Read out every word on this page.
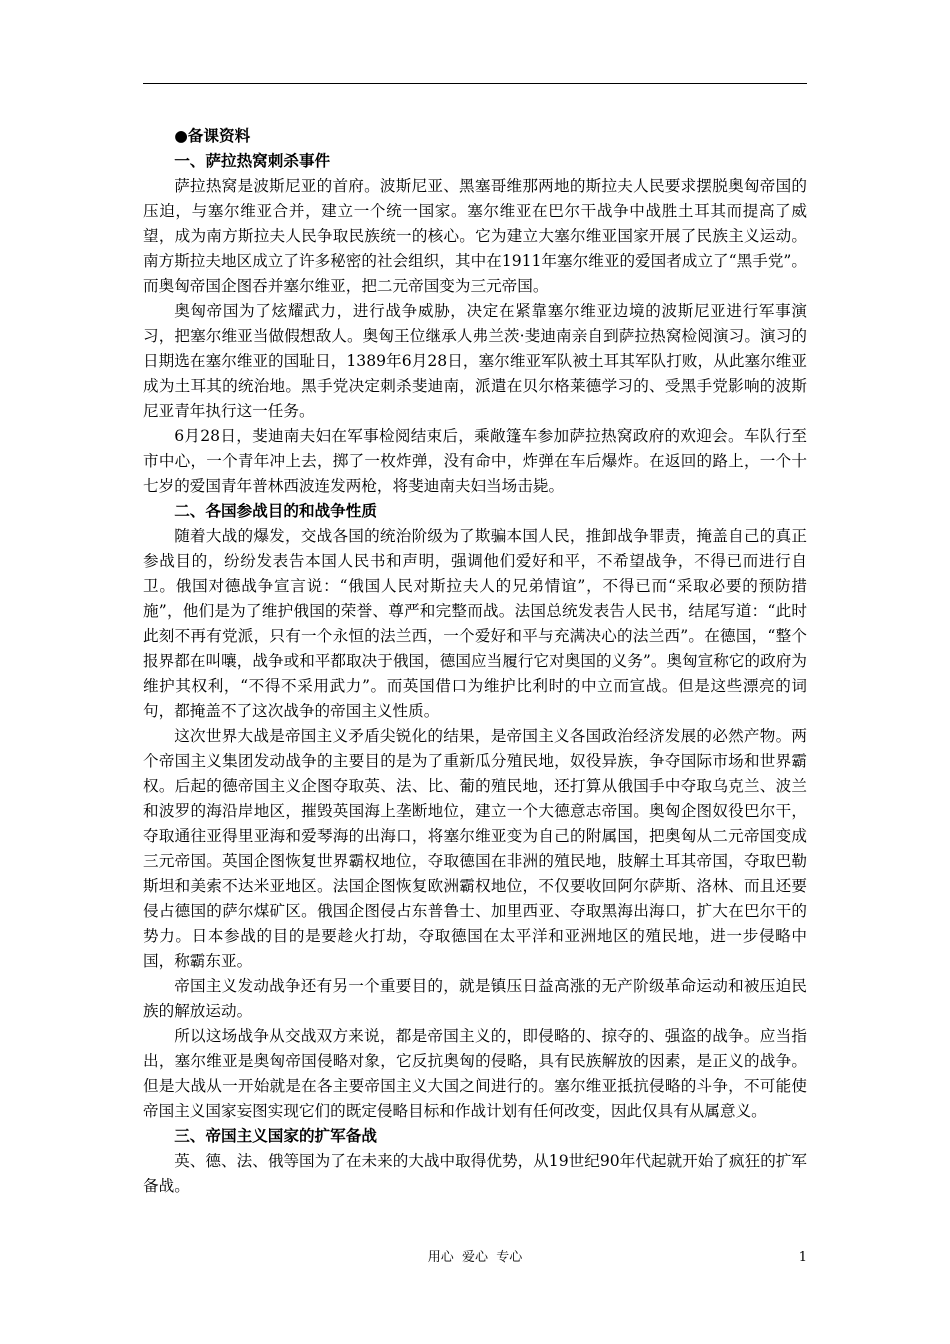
●备课资料
一、萨拉热窝刺杀事件

萨拉热窝是波斯尼亚的首府。波斯尼亚、黑塞哥维那两地的斯拉夫人民要求摆脱奥匈帝国的压迫，与塞尔维亚合并，建立一个统一国家。塞尔维亚在巴尔干战争中战胜土耳其而提高了威望，成为南方斯拉夫人民争取民族统一的核心。它为建立大塞尔维亚国家开展了民族主义运动。南方斯拉夫地区成立了许多秘密的社会组织，其中在1911年塞尔维亚的爱国者成立了“黑手党”。而奥匈帝国企图吞并塞尔维亚，把二元帝国变为三元帝国。

奥匈帝国为了炫耀武力，进行战争威胁，决定在紧靠塞尔维亚边境的波斯尼亚进行军事演习，把塞尔维亚当做假想敌人。奥匈王位继承人弗兰茨·斐迪南亲自到萨拉热窝检阅演习。演习的日期选在塞尔维亚的国耻日，1389年6月28日，塞尔维亚军队被土耳其军队打败，从此塞尔维亚成为土耳其的统治地。黑手党决定刺杀斐迪南，派遣在贝尔格莱德学习的、受黑手党影响的波斯尼亚青年执行这一任务。

6月28日，斐迪南夫妇在军事检阅结束后，乘敞篷车参加萨拉热窝政府的欢迎会。车队行至市中心，一个青年冲上去，掷了一枚炸弹，没有命中，炸弹在车后爆炸。在返回的路上，一个十七岁的爱国青年普林西波连发两枪，将斐迪南夫妇当场击毙。

二、各国参战目的和战争性质

随着大战的爆发，交战各国的统治阶级为了欺骗本国人民，推卸战争罪责，掩盖自己的真正参战目的，纷纷发表告本国人民书和声明，强调他们爱好和平，不希望战争，不得已而进行自卫。俄国对德战争宣言说：“俄国人民对斯拉夫人的兄弟情谊”，不得已而“采取必要的预防措施”，他们是为了维护俄国的荣誉、尊严和完整而战。法国总统发表告人民书，结尾写道：“此时此刻不再有党派，只有一个永恒的法兰西，一个爱好和平与充满决心的法兰西”。在德国，“整个报界都在叫嚷，战争或和平都取决于俄国，德国应当履行它对奥国的义务”。奥匈宣称它的政府为维护其权利，“不得不采用武力”。而英国借口为维护比利时的中立而宣战。但是这些漂亮的词句，都掩盖不了这次战争的帝国主义性质。

这次世界大战是帝国主义矛盾尖锐化的结果，是帝国主义各国政治经济发展的必然产物。两个帝国主义集团发动战争的主要目的是为了重新瓜分殖民地，奴役异族，争夺国际市场和世界霸权。后起的德帝国主义企图夺取英、法、比、葡的殖民地，还打算从俄国手中夺取乌克兰、波兰和波罗的海沿岸地区，摧毁英国海上垄断地位，建立一个大德意志帝国。奥匈企图奴役巴尔干，夺取通往亚得里亚海和爱琴海的出海口，将塞尔维亚变为自己的附属国，把奥匈从二元帝国变成三元帝国。英国企图恢复世界霸权地位，夺取德国在非洲的殖民地，肢解土耳其帝国，夺取巴勒斯坦和美索不达米亚地区。法国企图恢复欧洲霸权地位，不仅要收回阿尔萨斯、洛林、而且还要侵占德国的萨尔煤矿区。俄国企图侵占东普鲁士、加里西亚、夺取黑海出海口，扩大在巴尔干的势力。日本参战的目的是要趁火打劫，夺取德国在太平洋和亚洲地区的殖民地，进一步侵略中国，称霸东亚。

帝国主义发动战争还有另一个重要目的，就是镇压日益高涨的无产阶级革命运动和被压迫民族的解放运动。

所以这场战争从交战双方来说，都是帝国主义的，即侵略的、掠夺的、强盗的战争。应当指出，塞尔维亚是奥匈帝国侵略对象，它反抗奥匈的侵略，具有民族解放的因素，是正义的战争。但是大战从一开始就是在各主要帝国主义大国之间进行的。塞尔维亚抵抗侵略的斗争，不可能使帝国主义国家妄图实现它们的既定侵略目标和作战计划有任何改变，因此仅具有从属意义。

三、帝国主义国家的扩军备战

英、德、法、俄等国为了在未来的大战中取得优势，从19世纪90年代起就开始了疯狂的扩军备战。

用心  爱心  专心	1
